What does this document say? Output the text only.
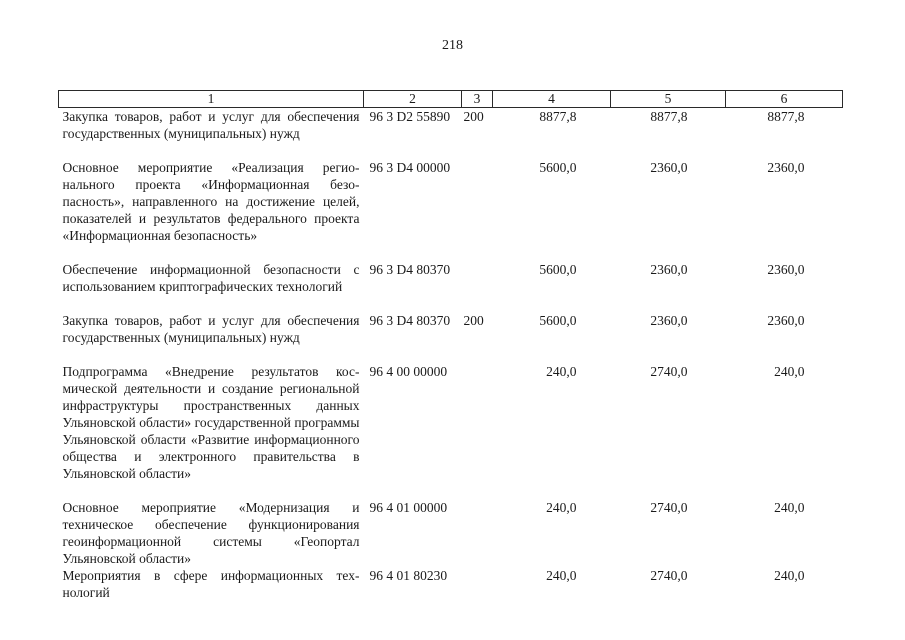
218
1	2	3	4	5	6
Закупка товаров, работ и услуг для обеспечения государственных (муниципальных) нужд	96 3 D2 55890	200	8877,8	8877,8	8877,8
Основное мероприятие «Реализация регионального проекта «Информационная безопасность», направленного на достижение целей, показателей и результатов федерального проекта «Информационная безопасность»	96 3 D4 00000		5600,0	2360,0	2360,0
Обеспечение информационной безопасности с использованием криптографических технологий	96 3 D4 80370		5600,0	2360,0	2360,0
Закупка товаров, работ и услуг для обеспечения государственных (муниципальных) нужд	96 3 D4 80370	200	5600,0	2360,0	2360,0
Подпрограмма «Внедрение результатов космической деятельности и создание региональной инфраструктуры пространственных данных Ульяновской области» государственной программы Ульяновской области «Развитие информационного общества и электронного правительства в Ульяновской области»	96 4 00 00000		240,0	2740,0	240,0
Основное мероприятие «Модернизация и техническое обеспечение функционирования геоинформационной системы «Геопортал Ульяновской области»	96 4 01 00000		240,0	2740,0	240,0
Мероприятия в сфере информационных технологий	96 4 01 80230		240,0	2740,0	240,0
